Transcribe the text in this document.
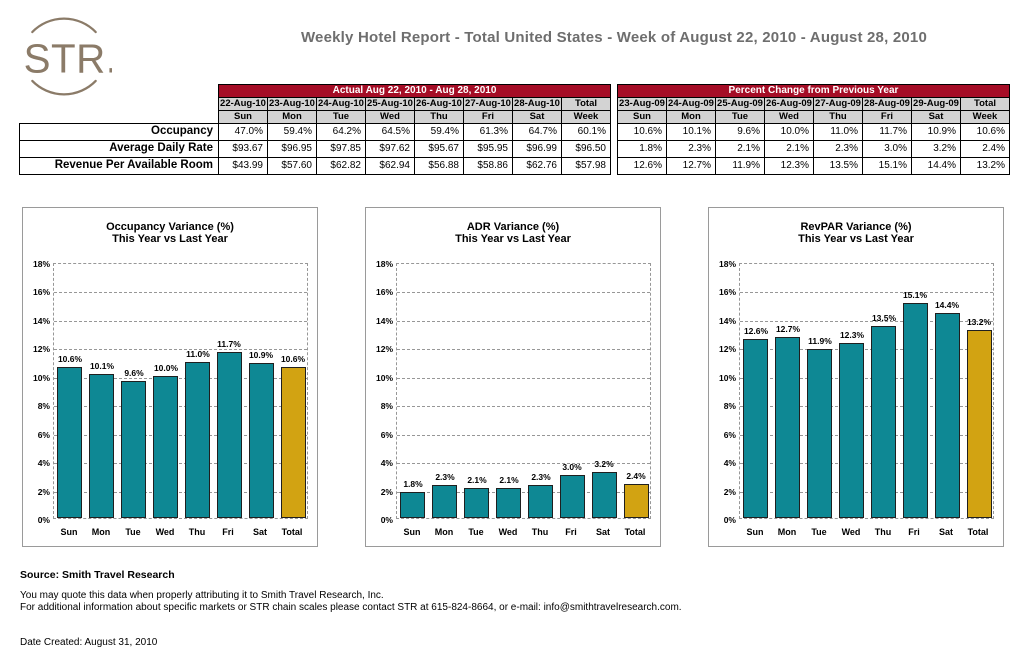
STR.	Weekly Hotel Report - Total United States - Week of August 22, 2010 - August 28, 2010
	Actual Aug 22, 2010 - Aug 28, 2010									Percent Change from Previous Year							
	22-Aug-10	23-Aug-10	24-Aug-10	25-Aug-10	26-Aug-10	27-Aug-10	28-Aug-10	Total		23-Aug-09	24-Aug-09	25-Aug-09	26-Aug-09	27-Aug-09	28-Aug-09	29-Aug-09	Total
	Sun	Mon	Tue	Wed	Thu	Fri	Sat	Week		Sun	Mon	Tue	Wed	Thu	Fri	Sat	Week
Occupancy	47.0%	59.4%	64.2%	64.5%	59.4%	61.3%	64.7%	60.1%		10.6%	10.1%	9.6%	10.0%	11.0%	11.7%	10.9%	10.6%
Average Daily Rate	$93.67	$96.95	$97.85	$97.62	$95.67	$95.95	$96.99	$96.50		1.8%	2.3%	2.1%	2.1%	2.3%	3.0%	3.2%	2.4%
Revenue Per Available Room	$43.99	$57.60	$62.82	$62.94	$56.88	$58.86	$62.76	$57.98		12.6%	12.7%	11.9%	12.3%	13.5%	15.1%	14.4%	13.2%
Occupancy Variance (%)
This Year vs Last Year
10.6%
10.1%
9.6%	10.0%
11.0%
11.7%
10.9% 10.6%
0%
2%
4%
6%
8%
10%
12%
14%
16%
18%
Sun	Mon	Tue	Wed	Thu	Fri	Sat	Total
ADR Variance (%)
This Year vs Last Year
1.8%
2.3%	2.1%	2.1%	2.3%
3.0%	3.2%
2.4%
0%
2%
4%
6%
8%
10%
12%
14%
16%
18%
Sun	Mon	Tue	Wed	Thu	Fri	Sat	Total
RevPAR Variance (%)
This Year vs Last Year
12.6% 12.7%
11.9%
12.3%
13.5%
15.1%
14.4%
13.2%
0%
2%
4%
6%
8%
10%
12%
14%
16%
18%
Sun	Mon	Tue	Wed	Thu	Fri	Sat	Total
Source: Smith Travel Research
You may quote this data when properly attributing it to Smith Travel Research, Inc.
For additional information about specific markets or STR chain scales please contact STR at 615-824-8664, or e-mail: info@smithtravelresearch.com.
Date Created: August 31, 2010
